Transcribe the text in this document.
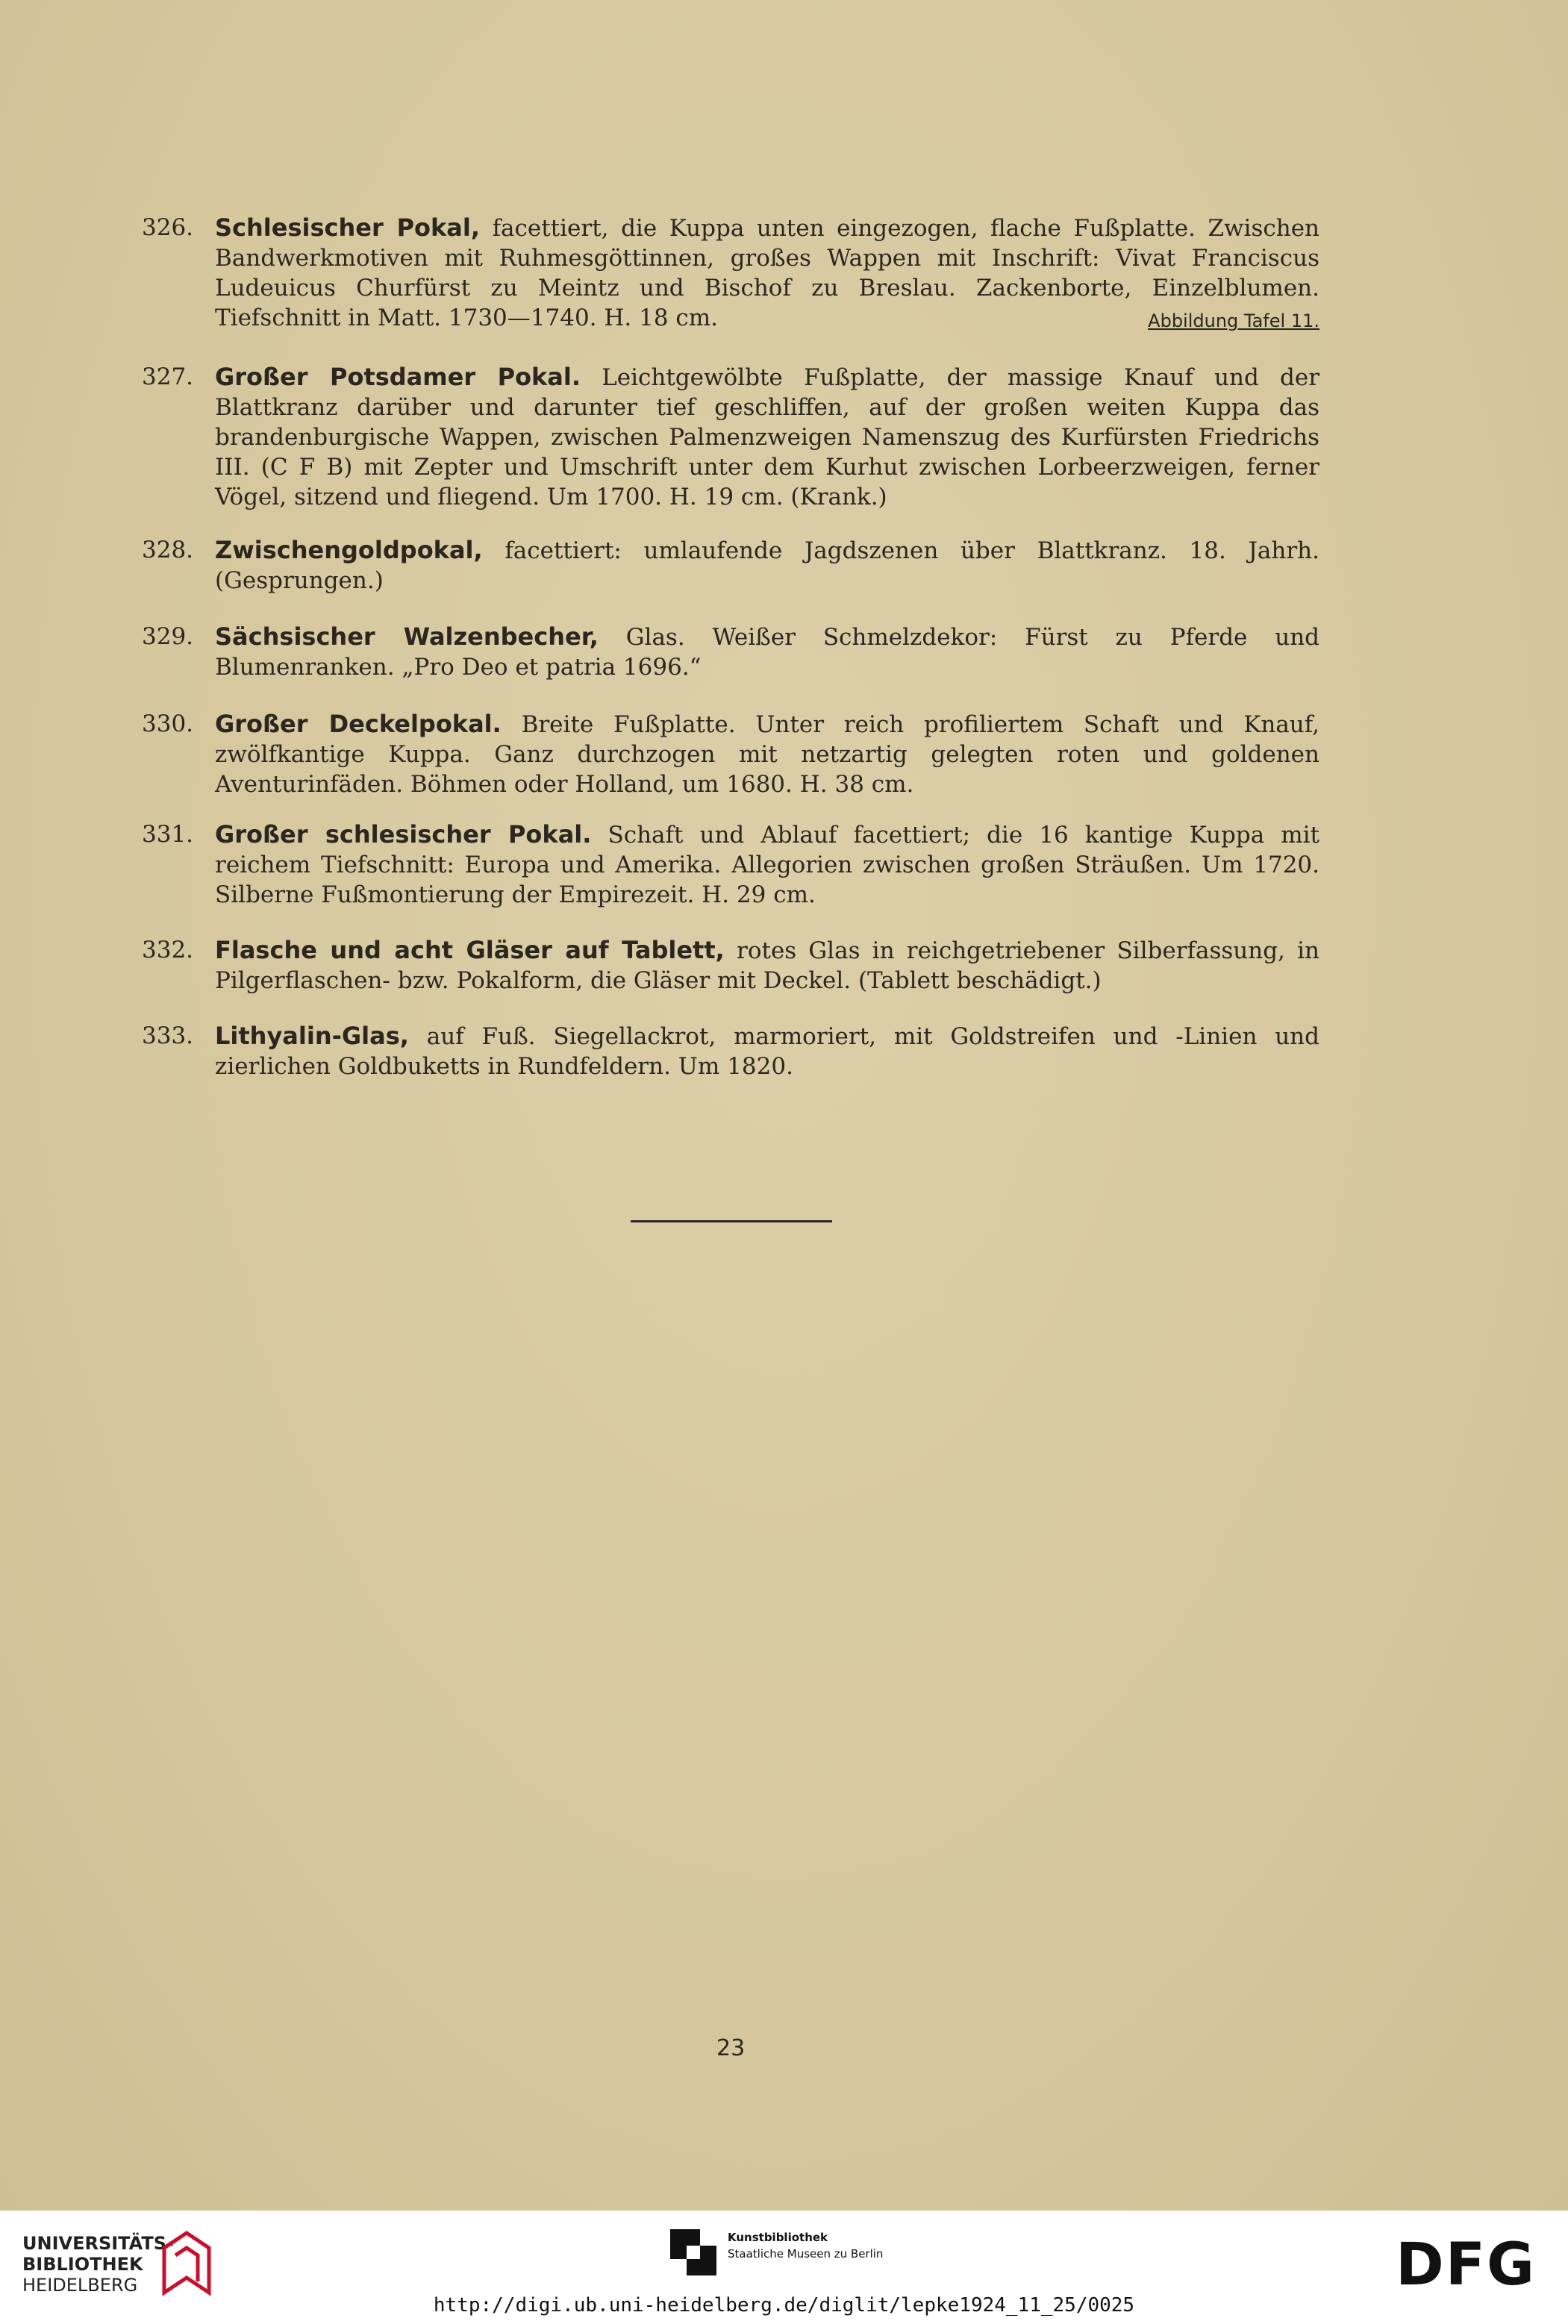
326. Schlesischer Pokal, facettiert, die Kuppa unten eingezogen, flache Fußplatte. Zwischen Bandwerkmotiven mit Ruhmesgöttinnen, großes Wappen mit Inschrift: Vivat Franciscus Ludeuicus Churfürst zu Meintz und Bischof zu Breslau. Zackenborte, Einzelblumen. Tiefschnitt in Matt. 1730—1740. H. 18 cm.	Abbildung Tafel 11.
327. Großer Potsdamer Pokal. Leichtgewölbte Fußplatte, der massige Knauf und der Blattkranz darüber und darunter tief geschliffen, auf der großen weiten Kuppa das brandenburgische Wappen, zwischen Palmenzweigen Namenszug des Kurfürsten Friedrichs III. (C F B) mit Zepter und Umschrift unter dem Kurhut zwischen Lorbeerzweigen, ferner Vögel, sitzend und fliegend. Um 1700. H. 19 cm. (Krank.)
328. Zwischengoldpokal, facettiert: umlaufende Jagdszenen über Blattkranz. 18. Jahrh. (Gesprungen.)
329. Sächsischer Walzenbecher, Glas. Weißer Schmelzdekor: Fürst zu Pferde und Blumenranken. „Pro Deo et patria 1696.“
330. Großer Deckelpokal. Breite Fußplatte. Unter reich profiliertem Schaft und Knauf, zwölfkantige Kuppa. Ganz durchzogen mit netzartig gelegten roten und goldenen Aventurinfäden. Böhmen oder Holland, um 1680. H. 38 cm.
331. Großer schlesischer Pokal. Schaft und Ablauf facettiert; die 16 kantige Kuppa mit reichem Tiefschnitt: Europa und Amerika. Allegorien zwischen großen Sträußen. Um 1720. Silberne Fußmontierung der Empirezeit. H. 29 cm.
332. Flasche und acht Gläser auf Tablett, rotes Glas in reichgetriebener Silberfassung, in Pilgerflaschen- bzw. Pokalform, die Gläser mit Deckel. (Tablett beschädigt.)
333. Lithyalin-Glas, auf Fuß. Siegellackrot, marmoriert, mit Goldstreifen und -Linien und zierlichen Goldbuketts in Rundfeldern. Um 1820.
23
UNIVERSITÄTS-
BIBLIOTHEK
HEIDELBERG
Kunstbibliothek
Staatliche Museen zu Berlin	DFG
http://digi.ub.uni-heidelberg.de/diglit/lepke1924_11_25/0025
